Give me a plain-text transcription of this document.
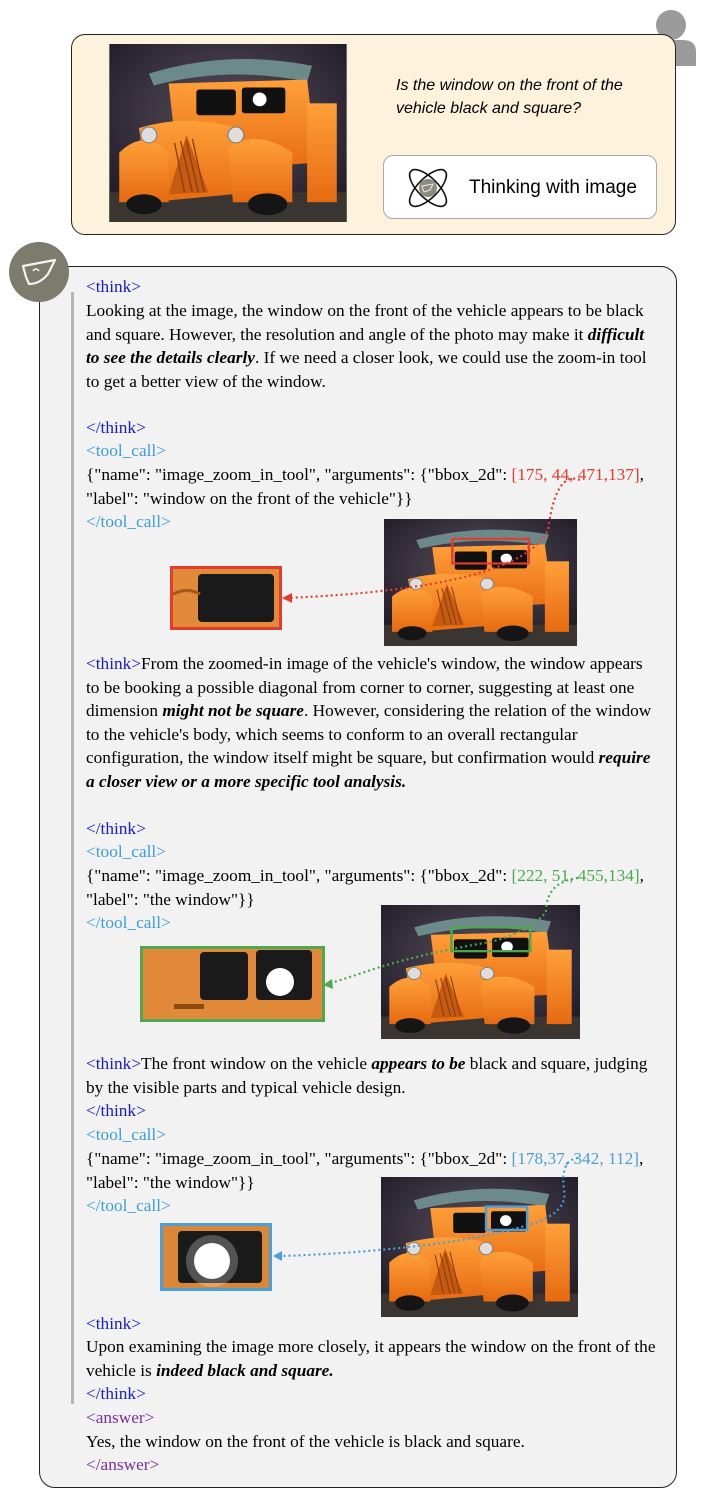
Is the window on the front of the vehicle black and square?
Thinking with image
<think>
Looking at the image, the window on the front of the vehicle appears to be black and square. However, the resolution and angle of the photo may make it difficult to see the details clearly. If we need a closer look, we could use the zoom-in tool to get a better view of the window.
</think>
<tool_call>
{"name": "image_zoom_in_tool", "arguments": {"bbox_2d": [175, 44, 471,137], "label": "window on the front of the vehicle"}}
</tool_call>
<think>From the zoomed-in image of the vehicle's window, the window appears to be booking a possible diagonal from corner to corner, suggesting at least one dimension might not be square. However, considering the relation of the window to the vehicle's body, which seems to conform to an overall rectangular configuration, the window itself might be square, but confirmation would require a closer view or a more specific tool analysis.
</think>
<tool_call>
{"name": "image_zoom_in_tool", "arguments": {"bbox_2d": [222, 51, 455,134], "label": "the window"}}
</tool_call>
<think>The front window on the vehicle appears to be black and square, judging by the visible parts and typical vehicle design.
</think>
<tool_call>
{"name": "image_zoom_in_tool", "arguments": {"bbox_2d": [178,37, 342, 112], "label": "the window"}}
</tool_call>
<think>
Upon examining the image more closely, it appears the window on the front of the vehicle is indeed black and square.
</think>
<answer>
Yes, the window on the front of the vehicle is black and square.
</answer>
